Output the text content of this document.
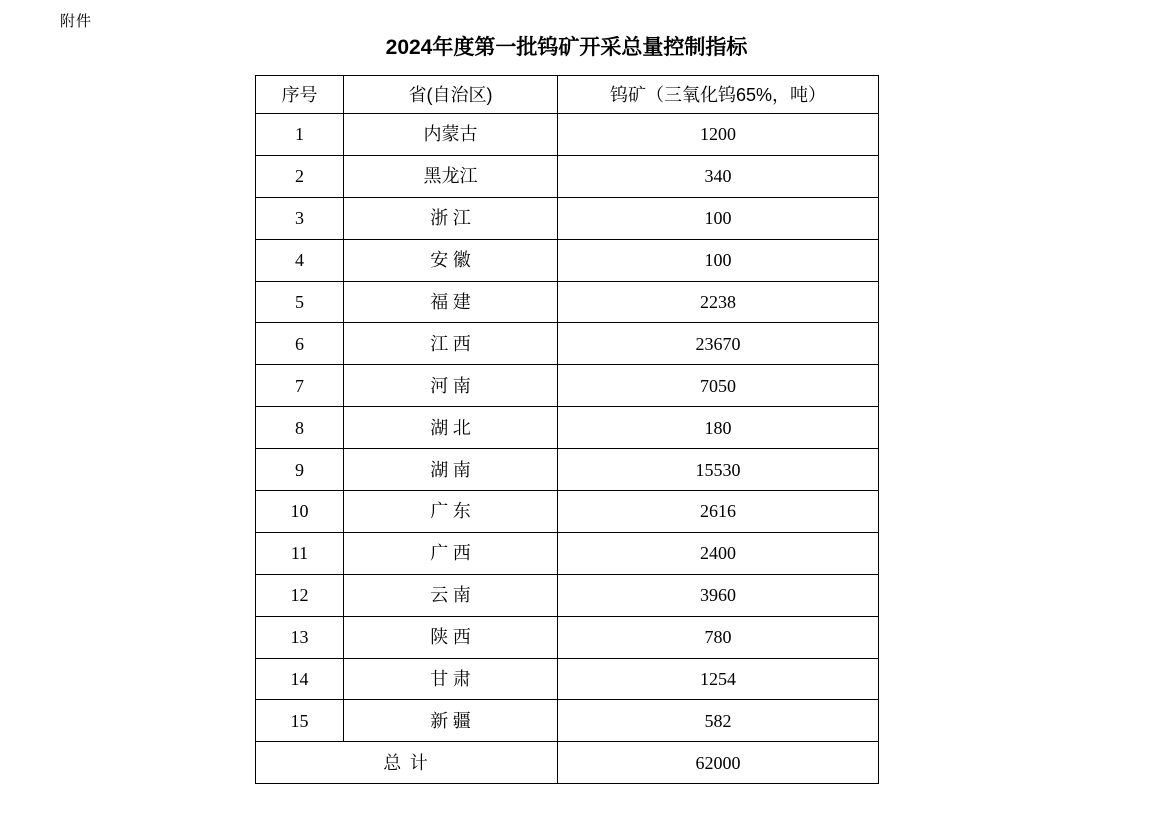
附件
2024年度第一批钨矿开采总量控制指标
序号	省(自治区)	钨矿（三氧化钨65%，吨）
1	内蒙古	1200
2	黑龙江	340
3	浙 江	100
4	安 徽	100
5	福 建	2238
6	江 西	23670
7	河 南	7050
8	湖 北	180
9	湖 南	15530
10	广 东	2616
11	广 西	2400
12	云 南	3960
13	陕 西	780
14	甘 肃	1254
15	新 疆	582
总 计		62000
